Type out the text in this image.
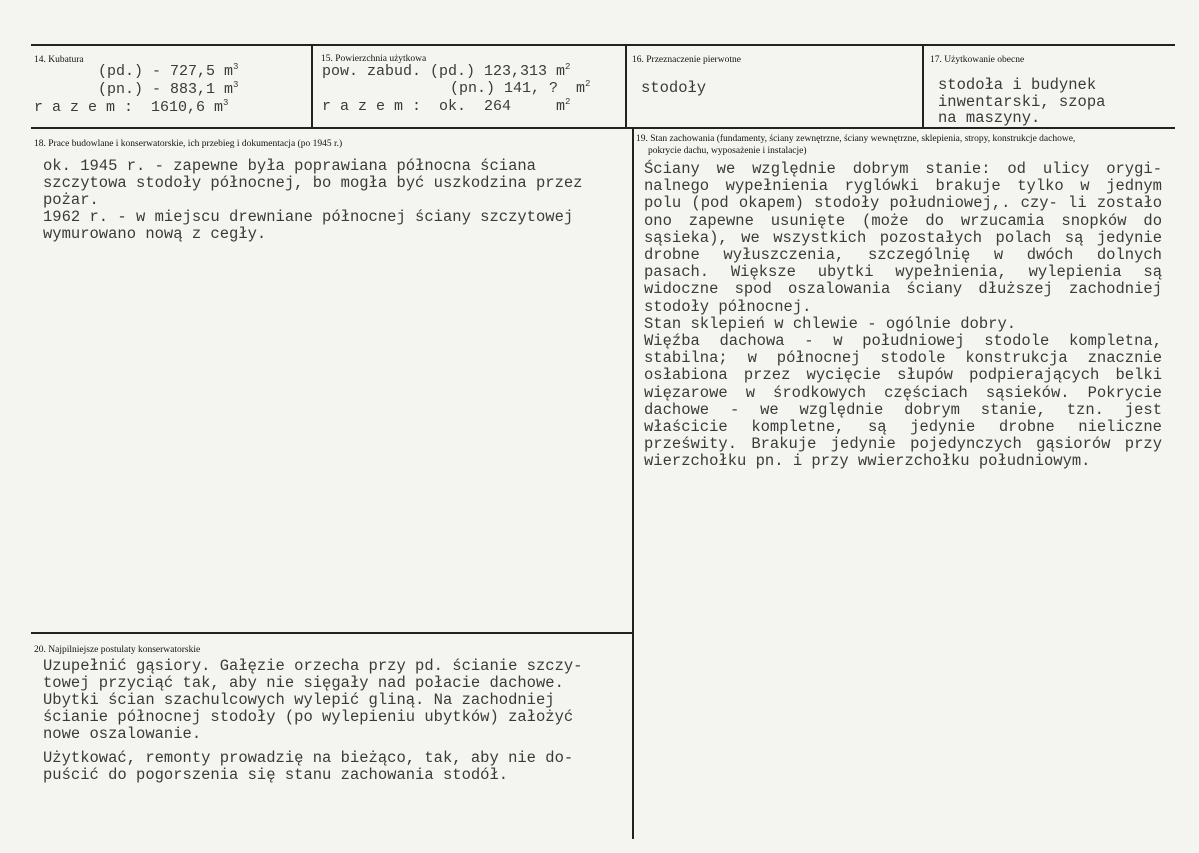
14. Kubatura
(pd.) - 727,5 $m^3$
(pn.) - 883,1 $m^3$
r a z e m :  1610,6 $m^3$
15. Powierzchnia użytkowa
pow. zabud. (pd.) 123,313 $m^2$
(pn.) 141, ?  $m^2$
r a z e m :  ok.  264     $m^2$
16. Przeznaczenie pierwotne
stodoły
17. Użytkowanie obecne
stodoła i budynek
inwentarski, szopa
na maszyny.
18. Prace budowlane i konserwatorskie, ich przebieg i dokumentacja (po 1945 r.)
ok. 1945 r. - zapewne była poprawiana północna ściana
szczytowa stodoły północnej, bo mogła być uszkodzina przez
pożar.
1962 r. - w miejscu drewniane północnej ściany szczytowej
wymurowano nową z cegły.
19. Stan zachowania (fundamenty, ściany zewnętrzne, ściany wewnętrzne, sklepienia, stropy, konstrukcje dachowe,
pokrycie dachu, wyposażenie i instalacje)

Ściany we względnie dobrym stanie: od ulicy orygi- nalnego wypełnienia ryglówki brakuje tylko w jednym polu (pod okapem) stodoły południowej,. czy- li zostało ono zapewne usunięte (może do wrzucamia snopków do sąsieka), we wszystkich pozostałych polach są jedynie drobne wyłuszczenia, szczególnię w dwóch dolnych pasach. Większe ubytki wypełnienia, wylepienia są widoczne spod oszalowania ściany dłuższej zachodniej stodoły północnej.

Stan sklepień w chlewie - ogólnie dobry.

Więźba dachowa - w południowej stodole kompletna, stabilna; w północnej stodole konstrukcja znacznie osłabiona przez wycięcie słupów podpierających belki więzarowe w środkowych częściach sąsieków. Pokrycie dachowe - we względnie dobrym stanie, tzn. jest właścicie kompletne, są jedynie drobne nieliczne prześwity. Brakuje jedynie pojedynczych gąsiorów przy wierzchołku pn. i przy wwierzchołku południowym.

20. Najpilniejsze postulaty konserwatorskie
Uzupełnić gąsiory. Gałęzie orzecha przy pd. ścianie szczy-
towej przyciąć tak, aby nie sięgały nad połacie dachowe.
Ubytki ścian szachulcowych wylepić gliną. Na zachodniej
ścianie północnej stodoły (po wylepieniu ubytków) założyć
nowe oszalowanie.
Użytkować, remonty prowadzię na bieżąco, tak, aby nie do-
puścić do pogorszenia się stanu zachowania stodół.
